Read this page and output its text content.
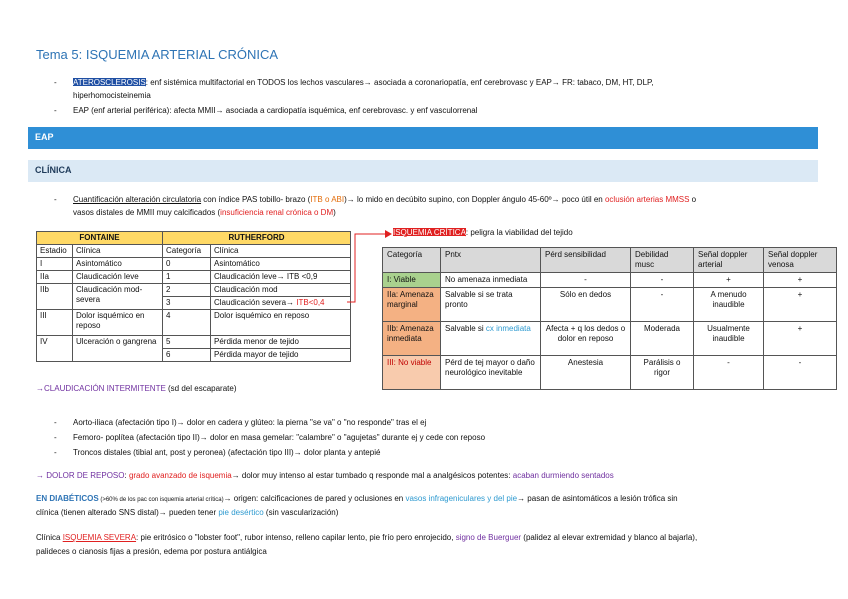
Tema 5: ISQUEMIA ARTERIAL CRÓNICA
- ATEROSCLEROSIS: enf sistémica multifactorial en TODOS los lechos vasculares→ asociada a coronariopatía, enf cerebrovasc y EAP→ FR: tabaco, DM, HT, DLP,
hiperhomocisteinemia
- EAP (enf arterial periférica): afecta MMII→ asociada a cardiopatía isquémica, enf cerebrovasc. y enf vasculorrenal
EAP
CLÍNICA
- Cuantificación alteración circulatoria con índice PAS tobillo- brazo (ITB o ABI)→ lo mido en decúbito supino, con Doppler ángulo 45-60º→ poco útil en oclusión arterias MMSS o
vasos distales de MMII muy calcificados (insuficiencia renal crónica o DM)
FONTAINE		RUTHERFORD	
Estadio	Clínica	Categoría	Clínica
I	Asintomático	0	Asintomático
IIa	Claudicación leve	1	Claudicación leve→ ITB <0,9
IIb	Claudicación mod-severa	2	Claudicación mod
		3	Claudicación severa→ ITB<0,4
III	Dolor isquémico en reposo	4	Dolor isquémico en reposo
IV	Ulceración o gangrena	5	Pérdida menor de tejido
		6	Pérdida mayor de tejido
ISQUEMIA CRÍTICA: peligra la viabilidad del tejido
Categoría	Pntx	Pérd sensibilidad	Debilidad musc	Señal doppler arterial	Señal doppler venosa
I: Viable	No amenaza inmediata	-	-	+	+
IIa: Amenaza marginal	Salvable si se trata pronto	Sólo en dedos	-	A menudo inaudible	+
IIb: Amenaza inmediata	Salvable si cx inmediata	Afecta + q los dedos o dolor en reposo	Moderada	Usualmente inaudible	+
III: No viable	Pérd de tej mayor o daño neurológico inevitable	Anestesia	Parálisis o rigor	-	-
→CLAUDICACIÓN INTERMITENTE (sd del escaparate)
- Aorto-iliaca (afectación tipo I)→ dolor en cadera y glúteo: la pierna "se va" o "no responde" tras el ej
- Femoro- poplítea (afectación tipo II)→ dolor en masa gemelar: "calambre" o "agujetas" durante ej y cede con reposo
- Troncos distales (tibial ant, post y peronea) (afectación tipo III)→ dolor planta y antepié
→ DOLOR DE REPOSO: grado avanzado de isquemia→ dolor muy intenso al estar tumbado q responde mal a analgésicos potentes: acaban durmiendo sentados
EN DIABÉTICOS (>60% de los pac con isquemia arterial crítica)→ origen: calcificaciones de pared y oclusiones en vasos infrageniculares y del pie→ pasan de asintomáticos a lesión trófica sin
clínica (tienen alterado SNS distal)→ pueden tener pie desértico (sin vascularización)
Clínica ISQUEMIA SEVERA: pie eritrósico o "lobster foot", rubor intenso, relleno capilar lento, pie frío pero enrojecido, signo de Buerguer (palidez al elevar extremidad y blanco al bajarla),
palideces o cianosis fijas a presión, edema por postura antiálgica
